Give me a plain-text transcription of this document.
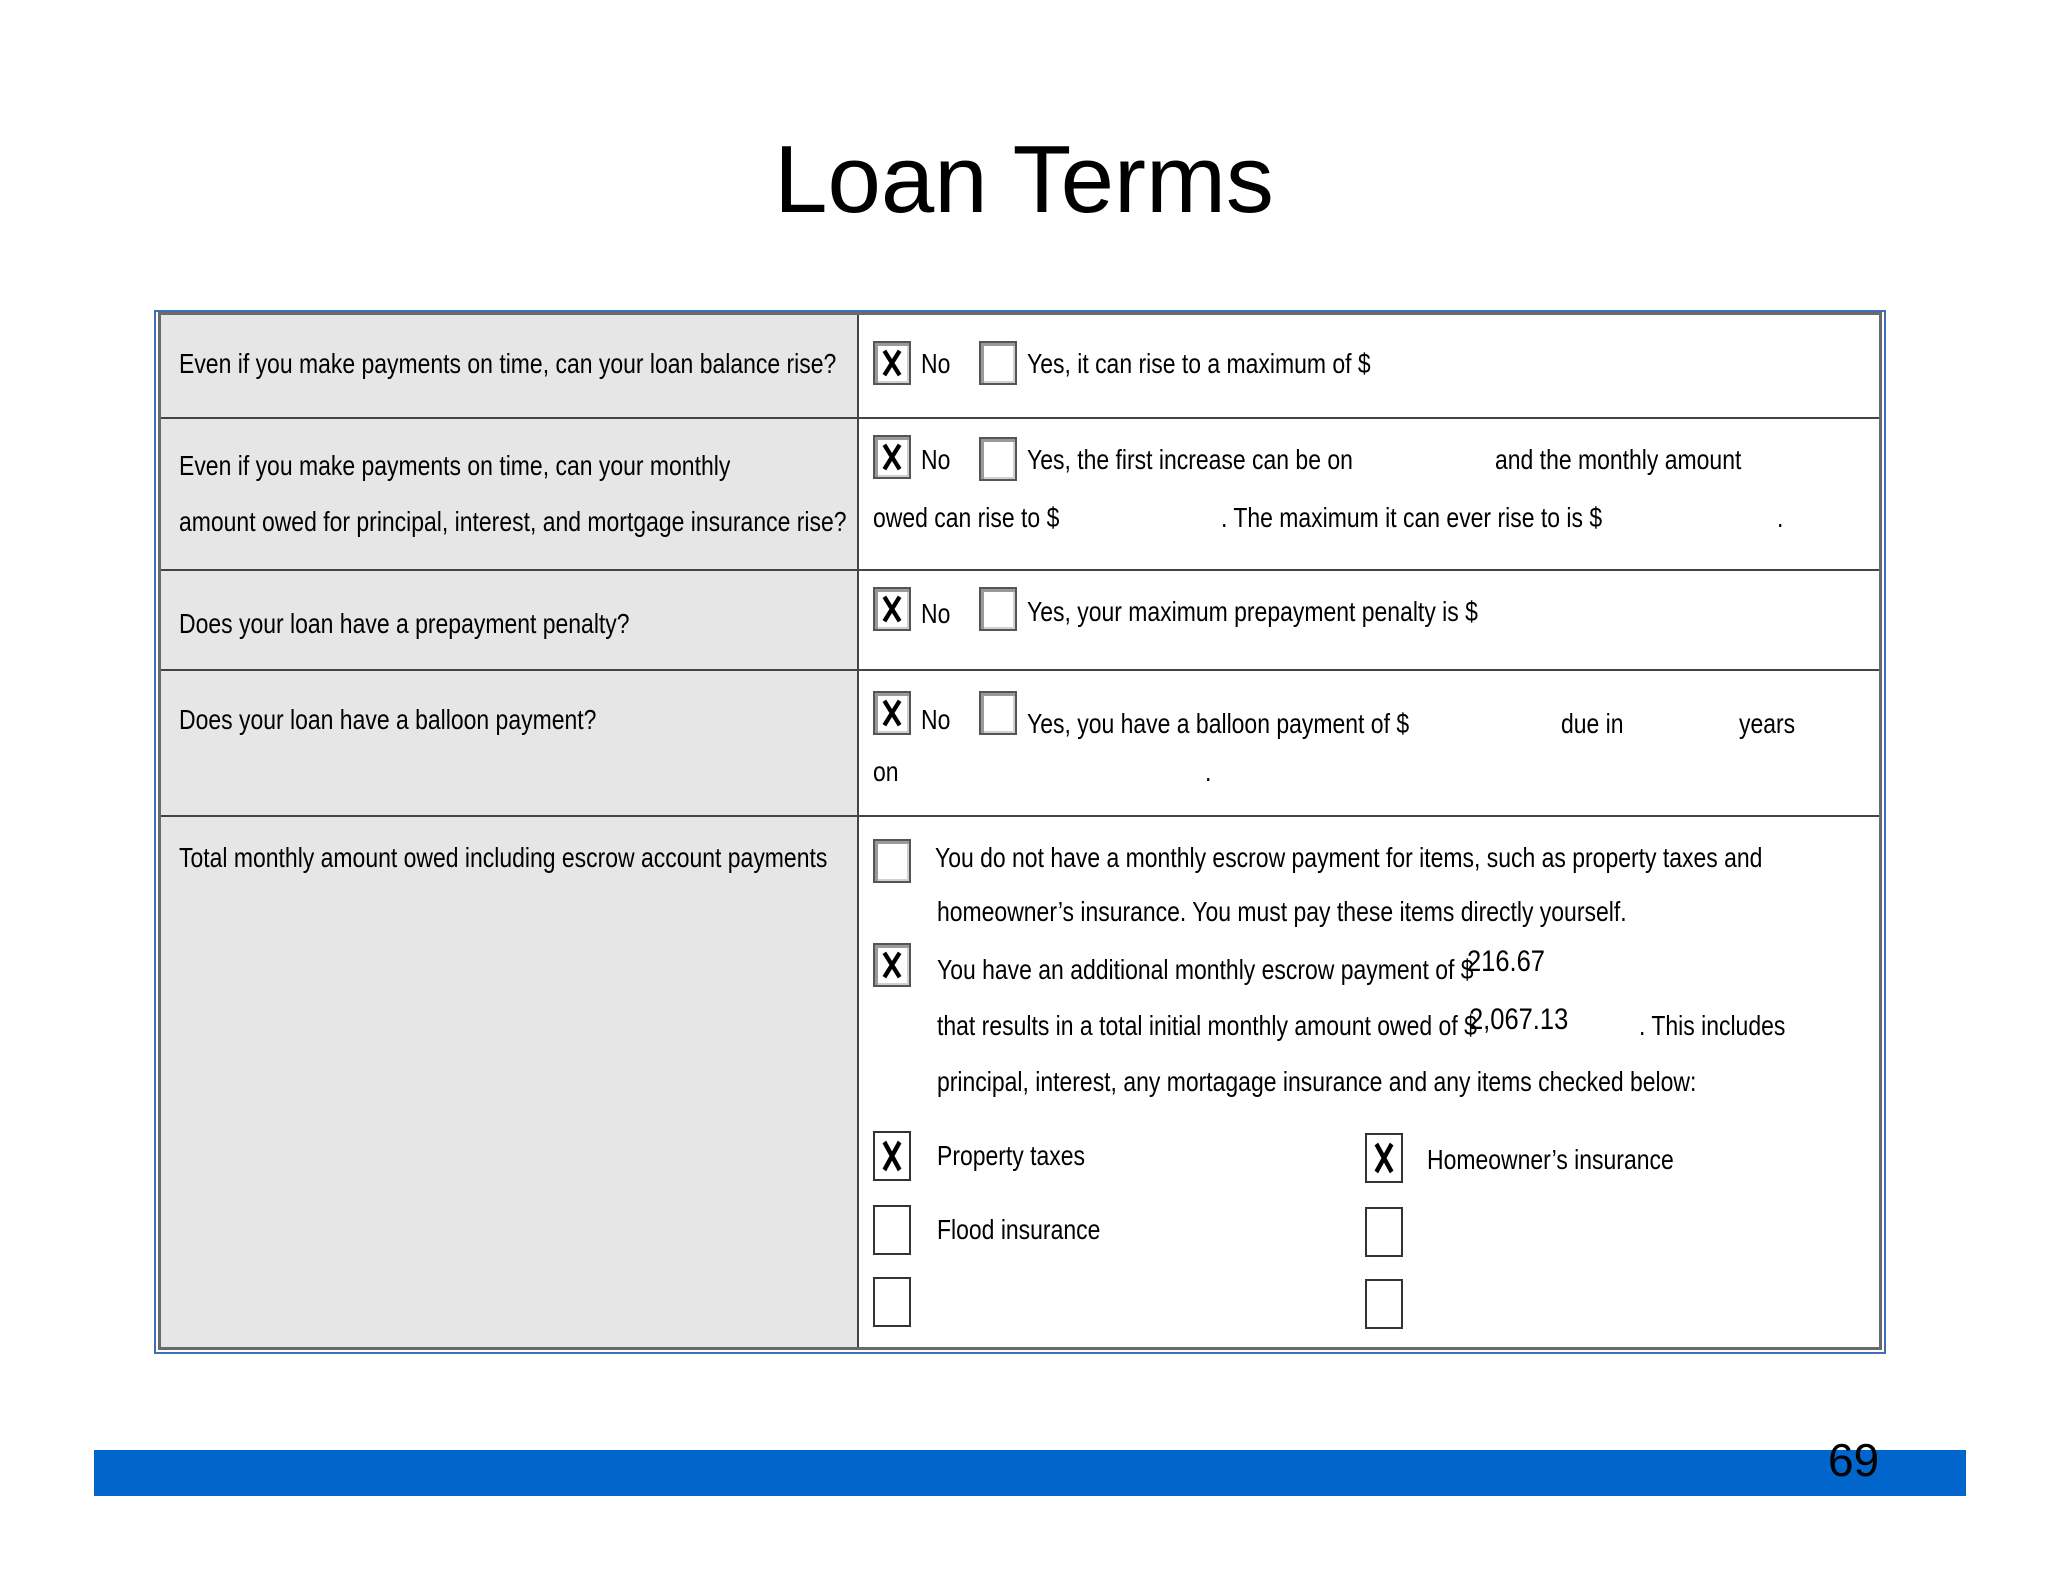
Loan Terms
Even if you make payments on time, can your loan balance rise?	No	Yes, it can rise to a maximum of $
Even if you make payments on time, can your monthly
amount owed for principal, interest, and mortgage insurance rise?
No	Yes, the first increase can be on	and the monthly amount
owed can rise to $	. The maximum it can ever rise to is $	.
Does your loan have a prepayment penalty?	No	Yes, your maximum prepayment penalty is $
Does your loan have a balloon payment?	No	Yes, you have a balloon payment of $	due in	years
on	.
Total monthly amount owed including escrow account payments	You do not have a monthly escrow payment for items, such as property taxes and
homeowner’s insurance. You must pay these items directly yourself.
You have an additional monthly escrow payment of $
216.67
that results in a total initial monthly amount owed of $
2,067.13	. This includes
principal, interest, any mortagage insurance and any items checked below:
Property taxes	Homeowner’s insurance
Flood insurance
69
